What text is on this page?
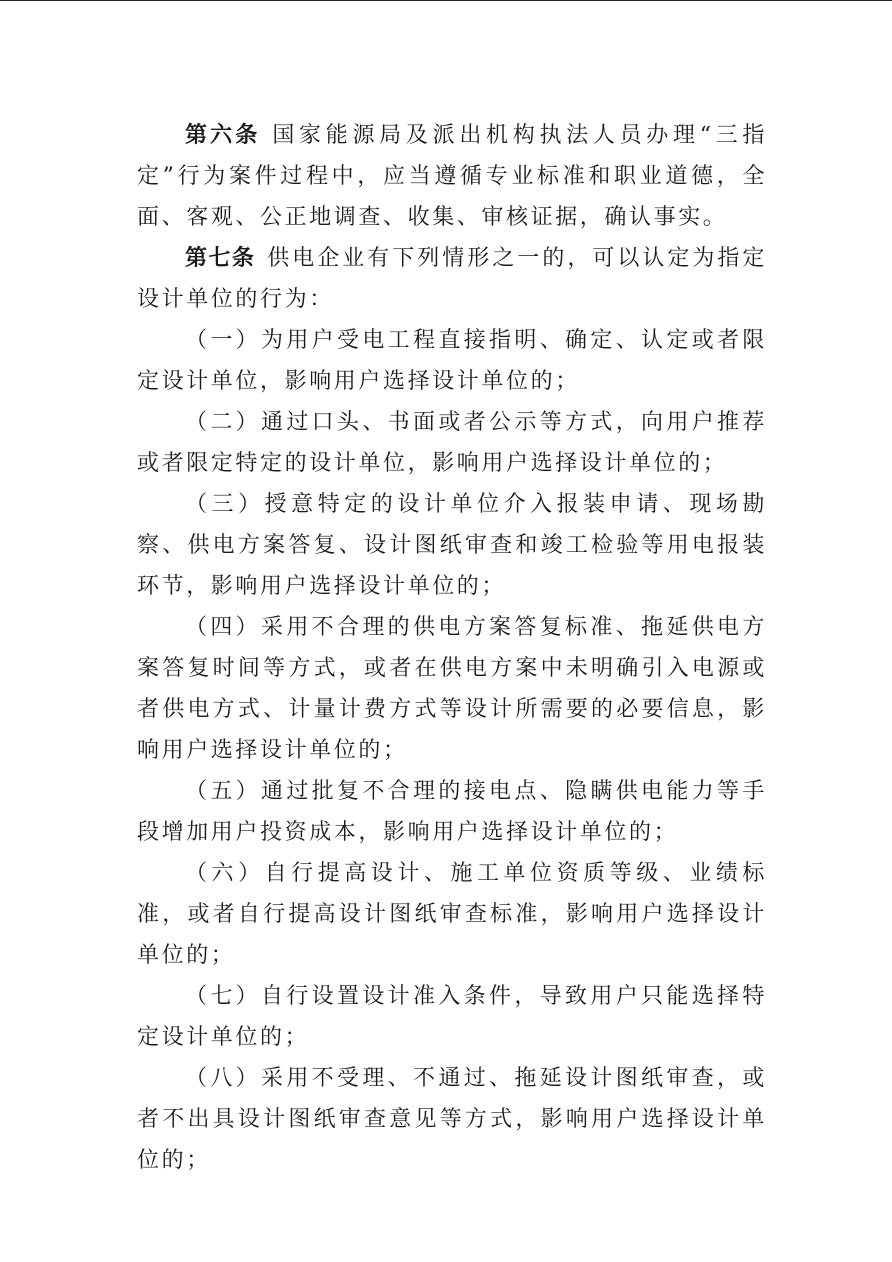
第六条 国家能源局及派出机构执法人员办理“三指定”行为案件过程中，应当遵循专业标准和职业道德，全面、客观、公正地调查、收集、审核证据，确认事实。

第七条 供电企业有下列情形之一的，可以认定为指定设计单位的行为：

（一）为用户受电工程直接指明、确定、认定或者限定设计单位，影响用户选择设计单位的；

（二）通过口头、书面或者公示等方式，向用户推荐或者限定特定的设计单位，影响用户选择设计单位的；

（三）授意特定的设计单位介入报装申请、现场勘察、供电方案答复、设计图纸审查和竣工检验等用电报装环节，影响用户选择设计单位的；

（四）采用不合理的供电方案答复标准、拖延供电方案答复时间等方式，或者在供电方案中未明确引入电源或者供电方式、计量计费方式等设计所需要的必要信息，影响用户选择设计单位的；

（五）通过批复不合理的接电点、隐瞒供电能力等手段增加用户投资成本，影响用户选择设计单位的；

（六）自行提高设计、施工单位资质等级、业绩标准，或者自行提高设计图纸审查标准，影响用户选择设计单位的；

（七）自行设置设计准入条件，导致用户只能选择特定设计单位的；

（八）采用不受理、不通过、拖延设计图纸审查，或者不出具设计图纸审查意见等方式，影响用户选择设计单位的；
